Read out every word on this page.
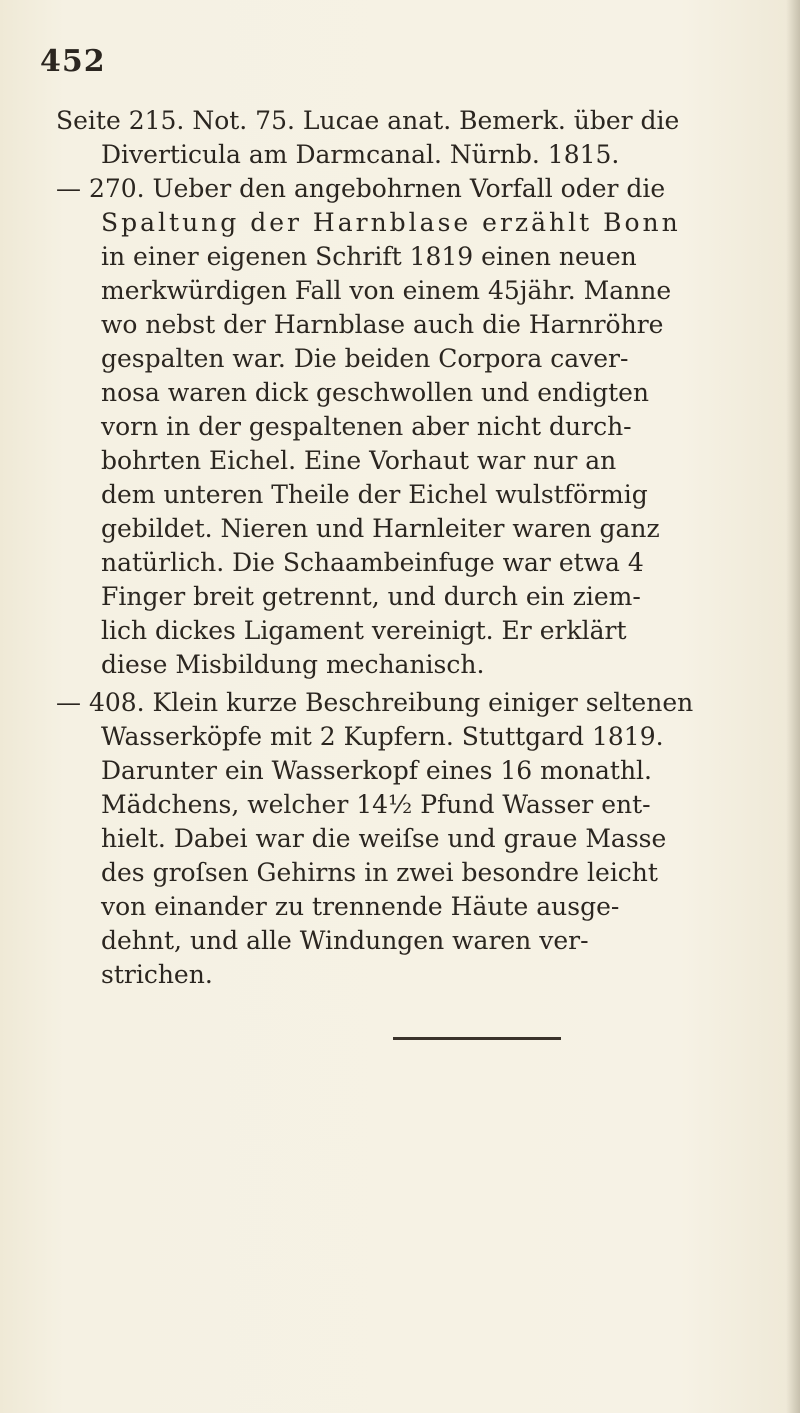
452
Seite 215. Not. 75. Lucae anat. Bemerk. über die
Diverticula am Darmcanal. Nürnb. 1815.
— 270. Ueber den angebohrnen Vorfall oder die
Spaltung der Harnblase erzählt Bonn
in einer eigenen Schrift 1819 einen neuen
merkwürdigen Fall von einem 45jähr. Manne
wo nebst der Harnblase auch die Harnröhre
gespalten war. Die beiden Corpora caver-
nosa waren dick geschwollen und endigten
vorn in der gespaltenen aber nicht durch-
bohrten Eichel. Eine Vorhaut war nur an
dem unteren Theile der Eichel wulstförmig
gebildet. Nieren und Harnleiter waren ganz
natürlich. Die Schaambeinfuge war etwa 4
Finger breit getrennt, und durch ein ziem-
lich dickes Ligament vereinigt. Er erklärt
diese Misbildung mechanisch.
— 408. Klein kurze Beschreibung einiger seltenen
Wasserköpfe mit 2 Kupfern. Stuttgard 1819.
Darunter ein Wasserkopf eines 16 monathl.
Mädchens, welcher 14½ Pfund Wasser ent-
hielt. Dabei war die weiſse und graue Masse
des groſsen Gehirns in zwei besondre leicht
von einander zu trennende Häute ausge-
dehnt, und alle Windungen waren ver-
strichen.
